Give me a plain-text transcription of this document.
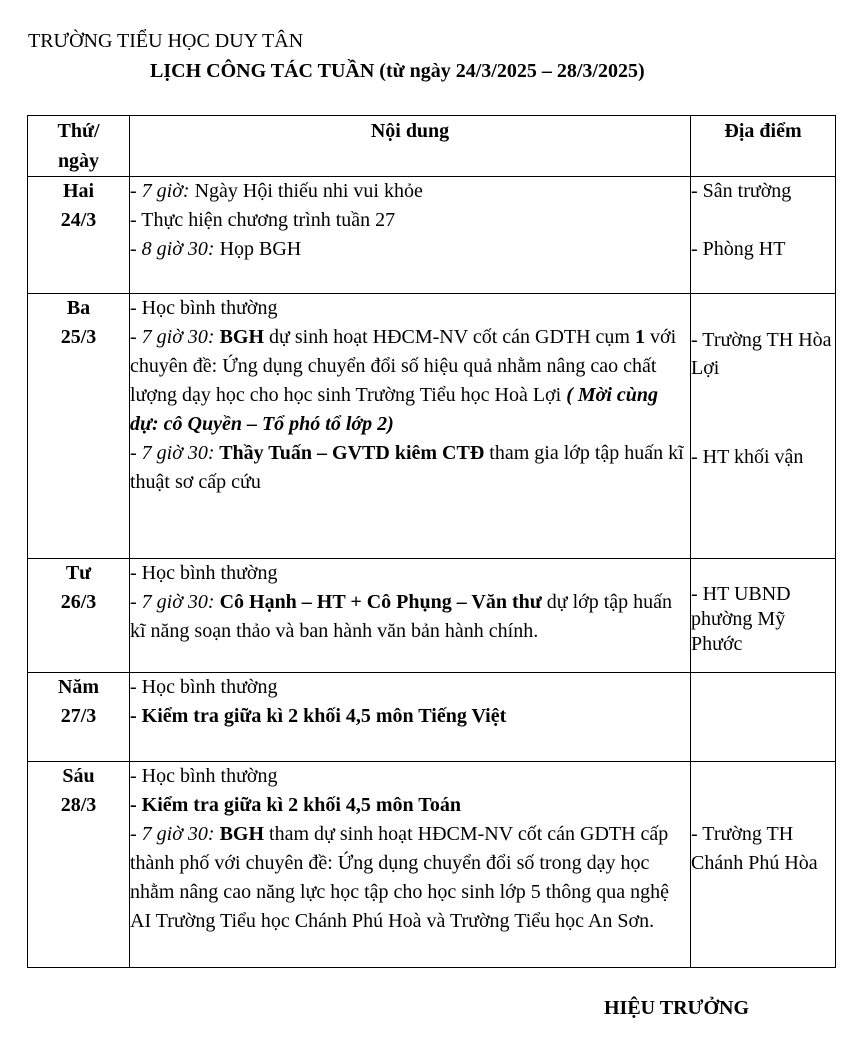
TRƯỜNG TIỂU HỌC DUY TÂN
LỊCH CÔNG TÁC TUẦN (từ ngày 24/3/2025 – 28/3/2025)
Thứ/
ngày	Nội dung	Địa điểm

Hai
24/3	- 7 giờ: Ngày Hội thiếu nhi vui khỏe
- Thực hiện chương trình tuần 27
- 8 giờ 30: Họp BGH	- Sân trường
- Phòng HT

Ba
25/3	- Học bình thường
- 7 giờ 30: BGH dự sinh hoạt HĐCM-NV cốt cán GDTH cụm 1 với chuyên đề: Ứng dụng chuyển đổi số hiệu quả nhằm nâng cao chất lượng dạy học cho học sinh Trường Tiểu học Hoà Lợi ( Mời cùng dự: cô Quyền – Tổ phó tổ lớp 2)
- 7 giờ 30: Thầy Tuấn – GVTD kiêm CTĐ tham gia lớp tập huấn kĩ thuật sơ cấp cứu	- Trường TH Hòa Lợi
- HT khối vận

Tư
26/3	- Học bình thường
- 7 giờ 30: Cô Hạnh – HT + Cô Phụng – Văn thư dự lớp tập huấn kĩ năng soạn thảo và ban hành văn bản hành chính.	- HT UBND phường Mỹ Phước

Năm
27/3	- Học bình thường
- Kiểm tra giữa kì 2 khối 4,5 môn Tiếng Việt	

Sáu
28/3	- Học bình thường
- Kiểm tra giữa kì 2 khối 4,5 môn Toán
- 7 giờ 30: BGH tham dự sinh hoạt HĐCM-NV cốt cán GDTH cấp thành phố với chuyên đề: Ứng dụng chuyển đổi số trong dạy học nhằm nâng cao năng lực học tập cho học sinh lớp 5 thông qua nghệ AI Trường Tiểu học Chánh Phú Hoà và Trường Tiểu học An Sơn.	- Trường TH Chánh Phú Hòa
HIỆU TRƯỞNG
